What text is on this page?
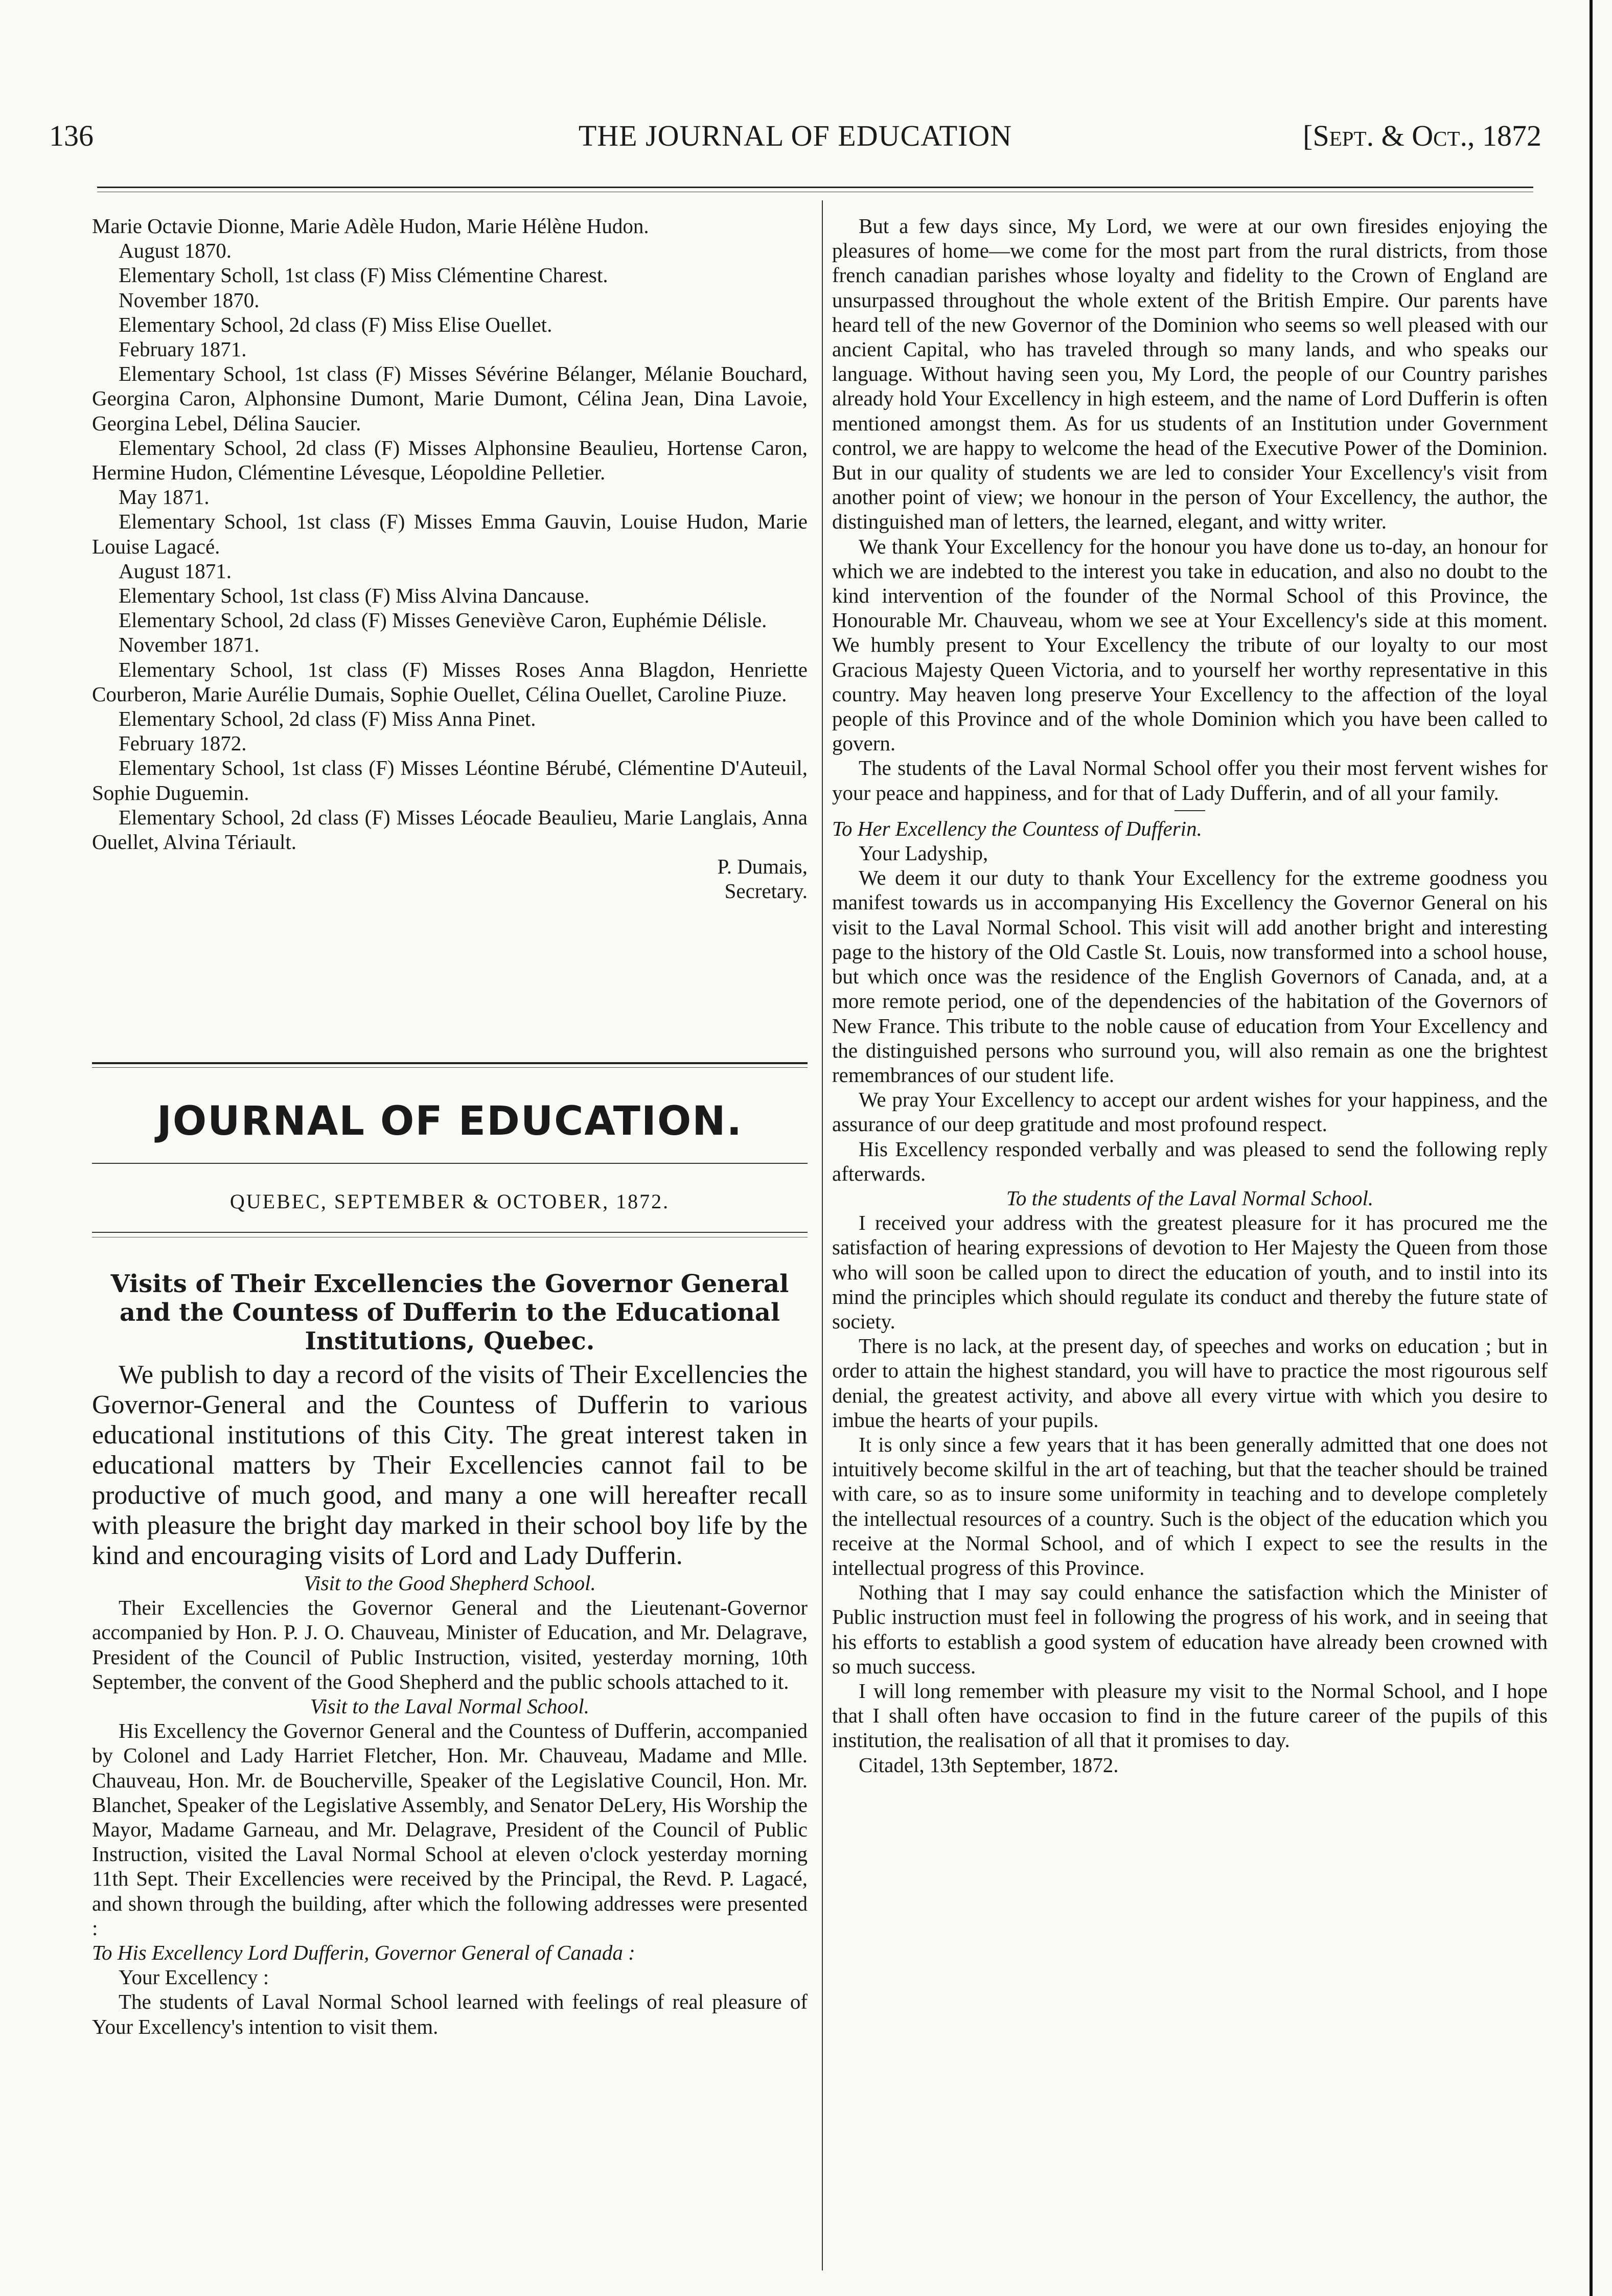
136	THE JOURNAL OF EDUCATION	[Sept. & Oct., 1872

Marie Octavie Dionne, Marie Adèle Hudon, Marie Hélène Hudon.

August 1870.

Elementary Scholl, 1st class (F) Miss Clémentine Charest.

November 1870.

Elementary School, 2d class (F) Miss Elise Ouellet.

February 1871.

Elementary School, 1st class (F) Misses Sévérine Bélanger, Mélanie Bouchard, Georgina Caron, Alphonsine Dumont, Marie Dumont, Célina Jean, Dina Lavoie, Georgina Lebel, Délina Saucier.

Elementary School, 2d class (F) Misses Alphonsine Beaulieu, Hortense Caron, Hermine Hudon, Clémentine Lévesque, Léopoldine Pelletier.

May 1871.

Elementary School, 1st class (F) Misses Emma Gauvin, Louise Hudon, Marie Louise Lagacé.

August 1871.

Elementary School, 1st class (F) Miss Alvina Dancause.

Elementary School, 2d class (F) Misses Geneviève Caron, Euphémie Délisle.

November 1871.

Elementary School, 1st class (F) Misses Roses Anna Blagdon, Henriette Courberon, Marie Aurélie Dumais, Sophie Ouellet, Célina Ouellet, Caroline Piuze.

Elementary School, 2d class (F) Miss Anna Pinet.

February 1872.

Elementary School, 1st class (F) Misses Léontine Bérubé, Clémentine D'Auteuil, Sophie Duguemin.

Elementary School, 2d class (F) Misses Léocade Beaulieu, Marie Langlais, Anna Ouellet, Alvina Tériault.

P. Dumais,

Secretary.

JOURNAL OF EDUCATION.
QUEBEC, SEPTEMBER & OCTOBER, 1872.
Visits of Their Excellencies the Governor General and the Countess of Dufferin to the Educational Institutions, Quebec.

We publish to day a record of the visits of Their Excellencies the Governor-General and the Countess of Dufferin to various educational institutions of this City. The great interest taken in educational matters by Their Excellencies cannot fail to be productive of much good, and many a one will hereafter recall with pleasure the bright day marked in their school boy life by the kind and encouraging visits of Lord and Lady Dufferin.

Visit to the Good Shepherd School.

Their Excellencies the Governor General and the Lieutenant-Governor accompanied by Hon. P. J. O. Chauveau, Minister of Education, and Mr. Delagrave, President of the Council of Public Instruction, visited, yesterday morning, 10th September, the convent of the Good Shepherd and the public schools attached to it.

Visit to the Laval Normal School.

His Excellency the Governor General and the Countess of Dufferin, accompanied by Colonel and Lady Harriet Fletcher, Hon. Mr. Chauveau, Madame and Mlle. Chauveau, Hon. Mr. de Boucherville, Speaker of the Legislative Council, Hon. Mr. Blanchet, Speaker of the Legislative Assembly, and Senator DeLery, His Worship the Mayor, Madame Garneau, and Mr. Delagrave, President of the Council of Public Instruction, visited the Laval Normal School at eleven o'clock yesterday morning 11th Sept. Their Excellencies were received by the Principal, the Revd. P. Lagacé, and shown through the building, after which the following addresses were presented :

To His Excellency Lord Dufferin, Governor General of Canada :

Your Excellency :

The students of Laval Normal School learned with feelings of real pleasure of Your Excellency's intention to visit them.

But a few days since, My Lord, we were at our own firesides enjoying the pleasures of home—we come for the most part from the rural districts, from those french canadian parishes whose loyalty and fidelity to the Crown of England are unsurpassed throughout the whole extent of the British Empire. Our parents have heard tell of the new Governor of the Dominion who seems so well pleased with our ancient Capital, who has traveled through so many lands, and who speaks our language. Without having seen you, My Lord, the people of our Country parishes already hold Your Excellency in high esteem, and the name of Lord Dufferin is often mentioned amongst them. As for us students of an Institution under Government control, we are happy to welcome the head of the Executive Power of the Dominion. But in our quality of students we are led to consider Your Excellency's visit from another point of view; we honour in the person of Your Excellency, the author, the distinguished man of letters, the learned, elegant, and witty writer.

We thank Your Excellency for the honour you have done us to-day, an honour for which we are indebted to the interest you take in education, and also no doubt to the kind intervention of the founder of the Normal School of this Province, the Honourable Mr. Chauveau, whom we see at Your Excellency's side at this moment. We humbly present to Your Excellency the tribute of our loyalty to our most Gracious Majesty Queen Victoria, and to yourself her worthy representative in this country. May heaven long preserve Your Excellency to the affection of the loyal people of this Province and of the whole Dominion which you have been called to govern.

The students of the Laval Normal School offer you their most fervent wishes for your peace and happiness, and for that of Lady Dufferin, and of all your family.

To Her Excellency the Countess of Dufferin.

Your Ladyship,

We deem it our duty to thank Your Excellency for the extreme goodness you manifest towards us in accompanying His Excellency the Governor General on his visit to the Laval Normal School. This visit will add another bright and interesting page to the history of the Old Castle St. Louis, now transformed into a school house, but which once was the residence of the English Governors of Canada, and, at a more remote period, one of the dependencies of the habitation of the Governors of New France. This tribute to the noble cause of education from Your Excellency and the distinguished persons who surround you, will also remain as one the brightest remembrances of our student life.

We pray Your Excellency to accept our ardent wishes for your happiness, and the assurance of our deep gratitude and most profound respect.

His Excellency responded verbally and was pleased to send the following reply afterwards.

To the students of the Laval Normal School.

I received your address with the greatest pleasure for it has procured me the satisfaction of hearing expressions of devotion to Her Majesty the Queen from those who will soon be called upon to direct the education of youth, and to instil into its mind the principles which should regulate its conduct and thereby the future state of society.

There is no lack, at the present day, of speeches and works on education ; but in order to attain the highest standard, you will have to practice the most rigourous self denial, the greatest activity, and above all every virtue with which you desire to imbue the hearts of your pupils.

It is only since a few years that it has been generally admitted that one does not intuitively become skilful in the art of teaching, but that the teacher should be trained with care, so as to insure some uniformity in teaching and to develope completely the intellectual resources of a country. Such is the object of the education which you receive at the Normal School, and of which I expect to see the results in the intellectual progress of this Province.

Nothing that I may say could enhance the satisfaction which the Minister of Public instruction must feel in following the progress of his work, and in seeing that his efforts to establish a good system of education have already been crowned with so much success.

I will long remember with pleasure my visit to the Normal School, and I hope that I shall often have occasion to find in the future career of the pupils of this institution, the realisation of all that it promises to day.

Citadel, 13th September, 1872.
